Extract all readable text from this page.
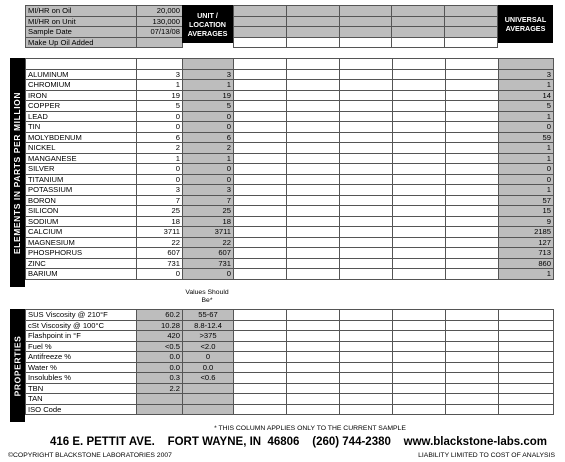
MI/HR on Oil	20,000
MI/HR on Unit	130,000
Sample Date	07/13/08
Make Up Oil Added	
UNIT / LOCATION AVERAGES

UNIVERSAL AVERAGES
ELEMENTS IN PARTS PER MILLION

ALUMINUM	3	3						3
CHROMIUM	1	1						1
IRON	19	19						14
COPPER	5	5						5
LEAD	0	0						1
TIN	0	0						0
MOLYBDENUM	6	6						59
NICKEL	2	2						1
MANGANESE	1	1						1
SILVER	0	0						0
TITANIUM	0	0						0
POTASSIUM	3	3						1
BORON	7	7						57
SILICON	25	25						15
SODIUM	18	18						9
CALCIUM	3711	3711						2185
MAGNESIUM	22	22						127
PHOSPHORUS	607	607						713
ZINC	731	731						860
BARIUM	0	0						1
Values Should Be*
PROPERTIES
SUS Viscosity @ 210°F	60.2	55-67						
cSt Viscosity @ 100°C	10.28	8.8-12.4						
Flashpoint in °F	420	>375						
Fuel %	<0.5	<2.0						
Antifreeze %	0.0	0						
Water %	0.0	0.0						
Insolubles %	0.3	<0.6						
TBN	2.2							
TAN								
ISO Code								
* THIS COLUMN APPLIES ONLY TO THE CURRENT SAMPLE
416 E. PETTIT AVE.    FORT WAYNE, IN  46806    (260) 744-2380    www.blackstone-labs.com
©COPYRIGHT BLACKSTONE LABORATORIES 2007	LIABILITY LIMITED TO COST OF ANALYSIS
